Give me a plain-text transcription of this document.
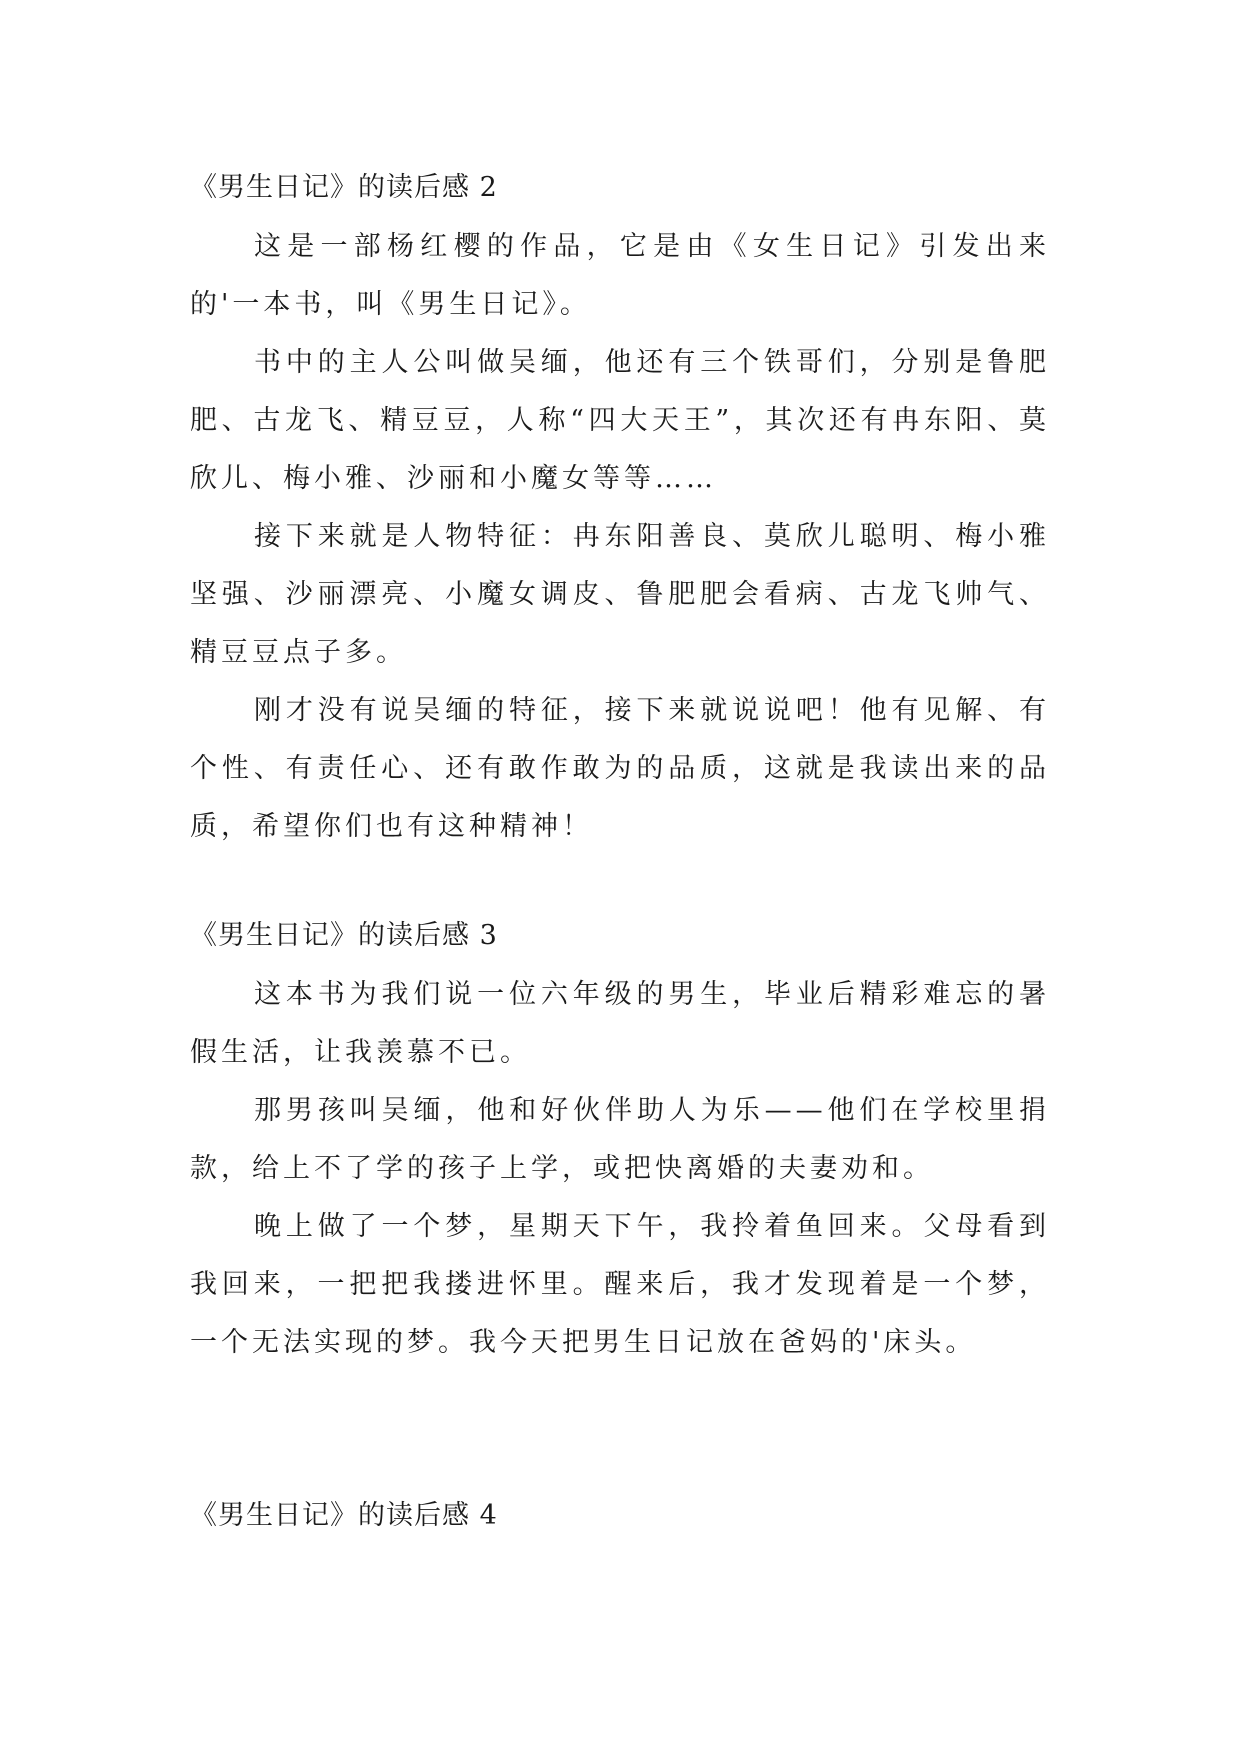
《男生日记》的读后感 2

这是一部杨红樱的作品，它是由《女生日记》引发出来的'一本书，叫《男生日记》。

书中的主人公叫做吴缅，他还有三个铁哥们，分别是鲁肥肥、古龙飞、精豆豆，人称“四大天王”，其次还有冉东阳、莫欣儿、梅小雅、沙丽和小魔女等等……

接下来就是人物特征：冉东阳善良、莫欣儿聪明、梅小雅坚强、沙丽漂亮、小魔女调皮、鲁肥肥会看病、古龙飞帅气、精豆豆点子多。

刚才没有说吴缅的特征，接下来就说说吧！他有见解、有个性、有责任心、还有敢作敢为的品质，这就是我读出来的品质，希望你们也有这种精神！

《男生日记》的读后感 3

这本书为我们说一位六年级的男生，毕业后精彩难忘的暑假生活，让我羡慕不已。

那男孩叫吴缅，他和好伙伴助人为乐——他们在学校里捐款，给上不了学的孩子上学，或把快离婚的夫妻劝和。

晚上做了一个梦，星期天下午，我拎着鱼回来。父母看到我回来，一把把我搂进怀里。醒来后，我才发现着是一个梦，一个无法实现的梦。我今天把男生日记放在爸妈的'床头。

《男生日记》的读后感 4
